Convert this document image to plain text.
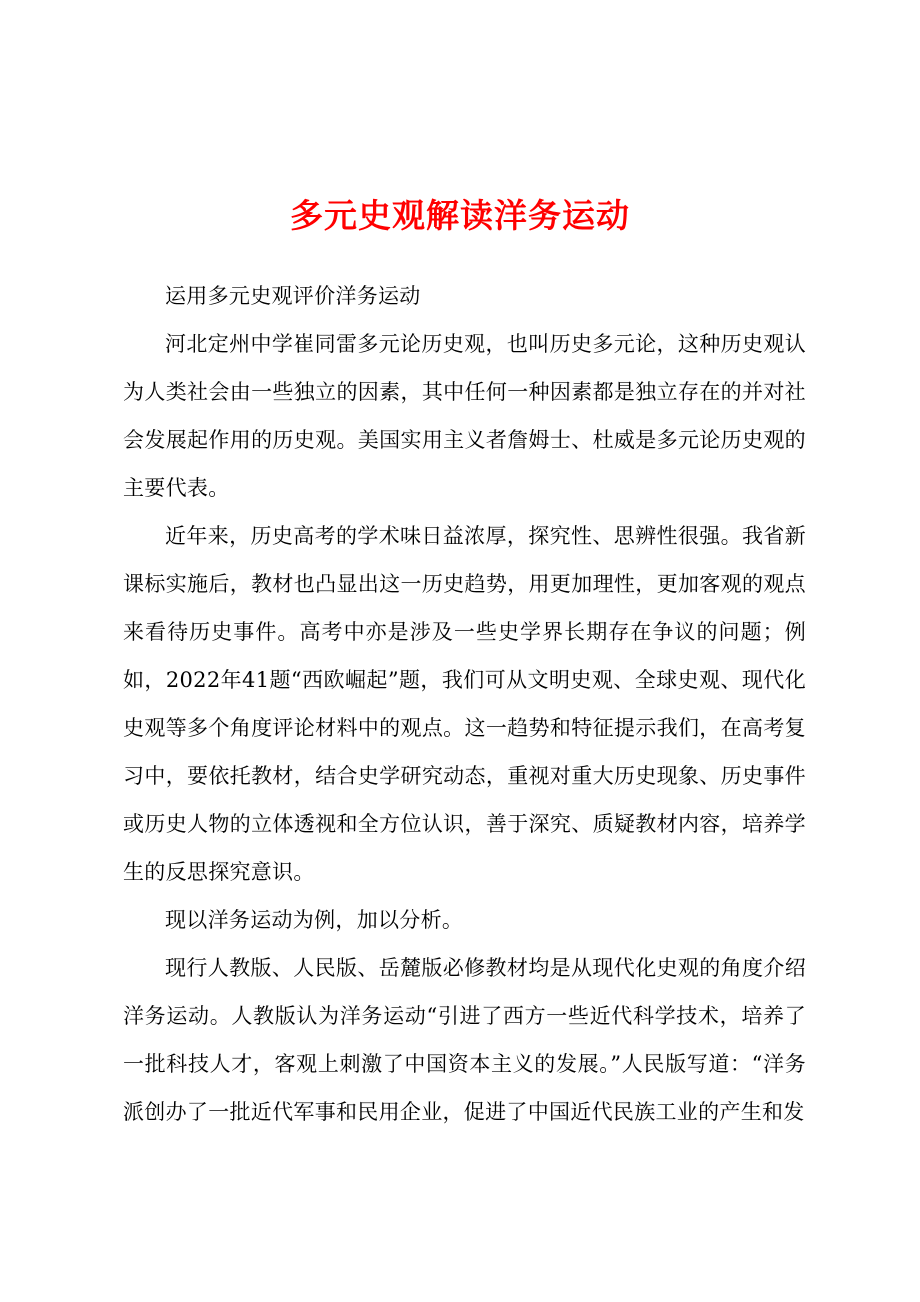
多元史观解读洋务运动

运用多元史观评价洋务运动

河北定州中学崔同雷多元论历史观，也叫历史多元论，这种历史观认为人类社会由一些独立的因素，其中任何一种因素都是独立存在的并对社会发展起作用的历史观。美国实用主义者詹姆士、杜威是多元论历史观的主要代表。

近年来，历史高考的学术味日益浓厚，探究性、思辨性很强。我省新课标实施后，教材也凸显出这一历史趋势，用更加理性，更加客观的观点来看待历史事件。高考中亦是涉及一些史学界长期存在争议的问题；例如，2022年41题“西欧崛起”题，我们可从文明史观、全球史观、现代化史观等多个角度评论材料中的观点。这一趋势和特征提示我们，在高考复习中，要依托教材，结合史学研究动态，重视对重大历史现象、历史事件或历史人物的立体透视和全方位认识，善于深究、质疑教材内容，培养学生的反思探究意识。

现以洋务运动为例，加以分析。

现行人教版、人民版、岳麓版必修教材均是从现代化史观的角度介绍洋务运动。人教版认为洋务运动“引进了西方一些近代科学技术，培养了一批科技人才，客观上刺激了中国资本主义的发展。”人民版写道：“洋务派创办了一批近代军事和民用企业，促进了中国近代民族工业的产生和发
